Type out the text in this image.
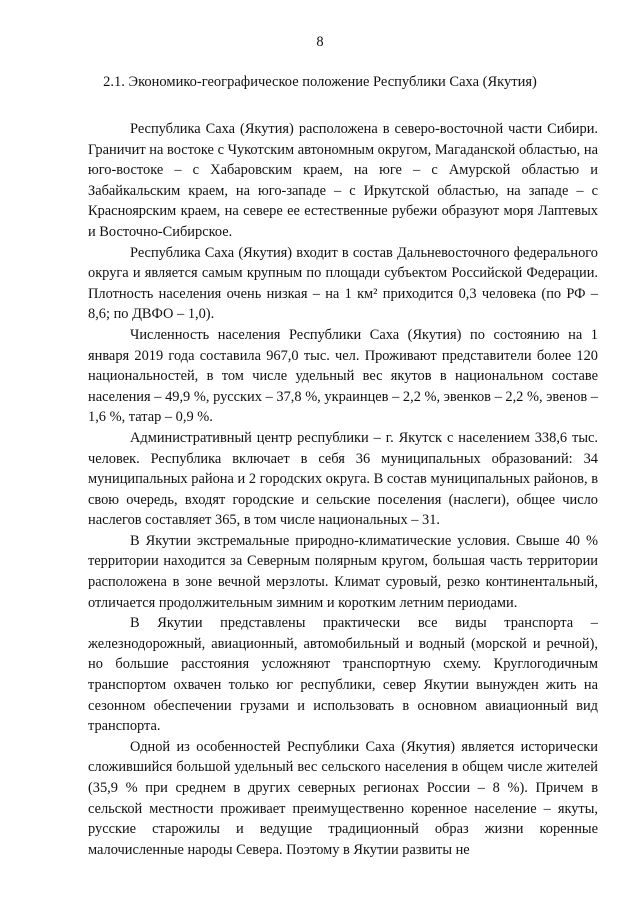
8
2.1. Экономико-географическое положение Республики Саха (Якутия)

Республика Саха (Якутия) расположена в северо-восточной части Сибири. Граничит на востоке с Чукотским автономным округом, Магаданской областью, на юго-востоке – с Хабаровским краем, на юге – с Амурской областью и Забайкальским краем, на юго-западе – с Иркутской областью, на западе – с Красноярским краем, на севере ее естественные рубежи образуют моря Лаптевых и Восточно-Сибирское.

Республика Саха (Якутия) входит в состав Дальневосточного федерального округа и является самым крупным по площади субъектом Российской Федерации. Плотность населения очень низкая – на 1 км² приходится 0,3 человека (по РФ – 8,6; по ДВФО – 1,0).

Численность населения Республики Саха (Якутия) по состоянию на 1 января 2019 года составила 967,0 тыс. чел. Проживают представители более 120 национальностей, в том числе удельный вес якутов в национальном составе населения – 49,9 %, русских – 37,8 %, украинцев – 2,2 %, эвенков – 2,2 %, эвенов – 1,6 %, татар – 0,9 %.

Административный центр республики – г. Якутск с населением 338,6 тыс. человек. Республика включает в себя 36 муниципальных образований: 34 муниципальных района и 2 городских округа. В состав муниципальных районов, в свою очередь, входят городские и сельские поселения (наслеги), общее число наслегов составляет 365, в том числе национальных – 31.

В Якутии экстремальные природно-климатические условия. Свыше 40 % территории находится за Северным полярным кругом, большая часть территории расположена в зоне вечной мерзлоты. Климат суровый, резко континентальный, отличается продолжительным зимним и коротким летним периодами.

В Якутии представлены практически все виды транспорта – железнодорожный, авиационный, автомобильный и водный (морской и речной), но большие расстояния усложняют транспортную схему. Круглогодичным транспортом охвачен только юг республики, север Якутии вынужден жить на сезонном обеспечении грузами и использовать в основном авиационный вид транспорта.

Одной из особенностей Республики Саха (Якутия) является исторически сложившийся большой удельный вес сельского населения в общем числе жителей (35,9 % при среднем в других северных регионах России – 8 %). Причем в сельской местности проживает преимущественно коренное население – якуты, русские старожилы и ведущие традиционный образ жизни коренные малочисленные народы Севера. Поэтому в Якутии развиты не
